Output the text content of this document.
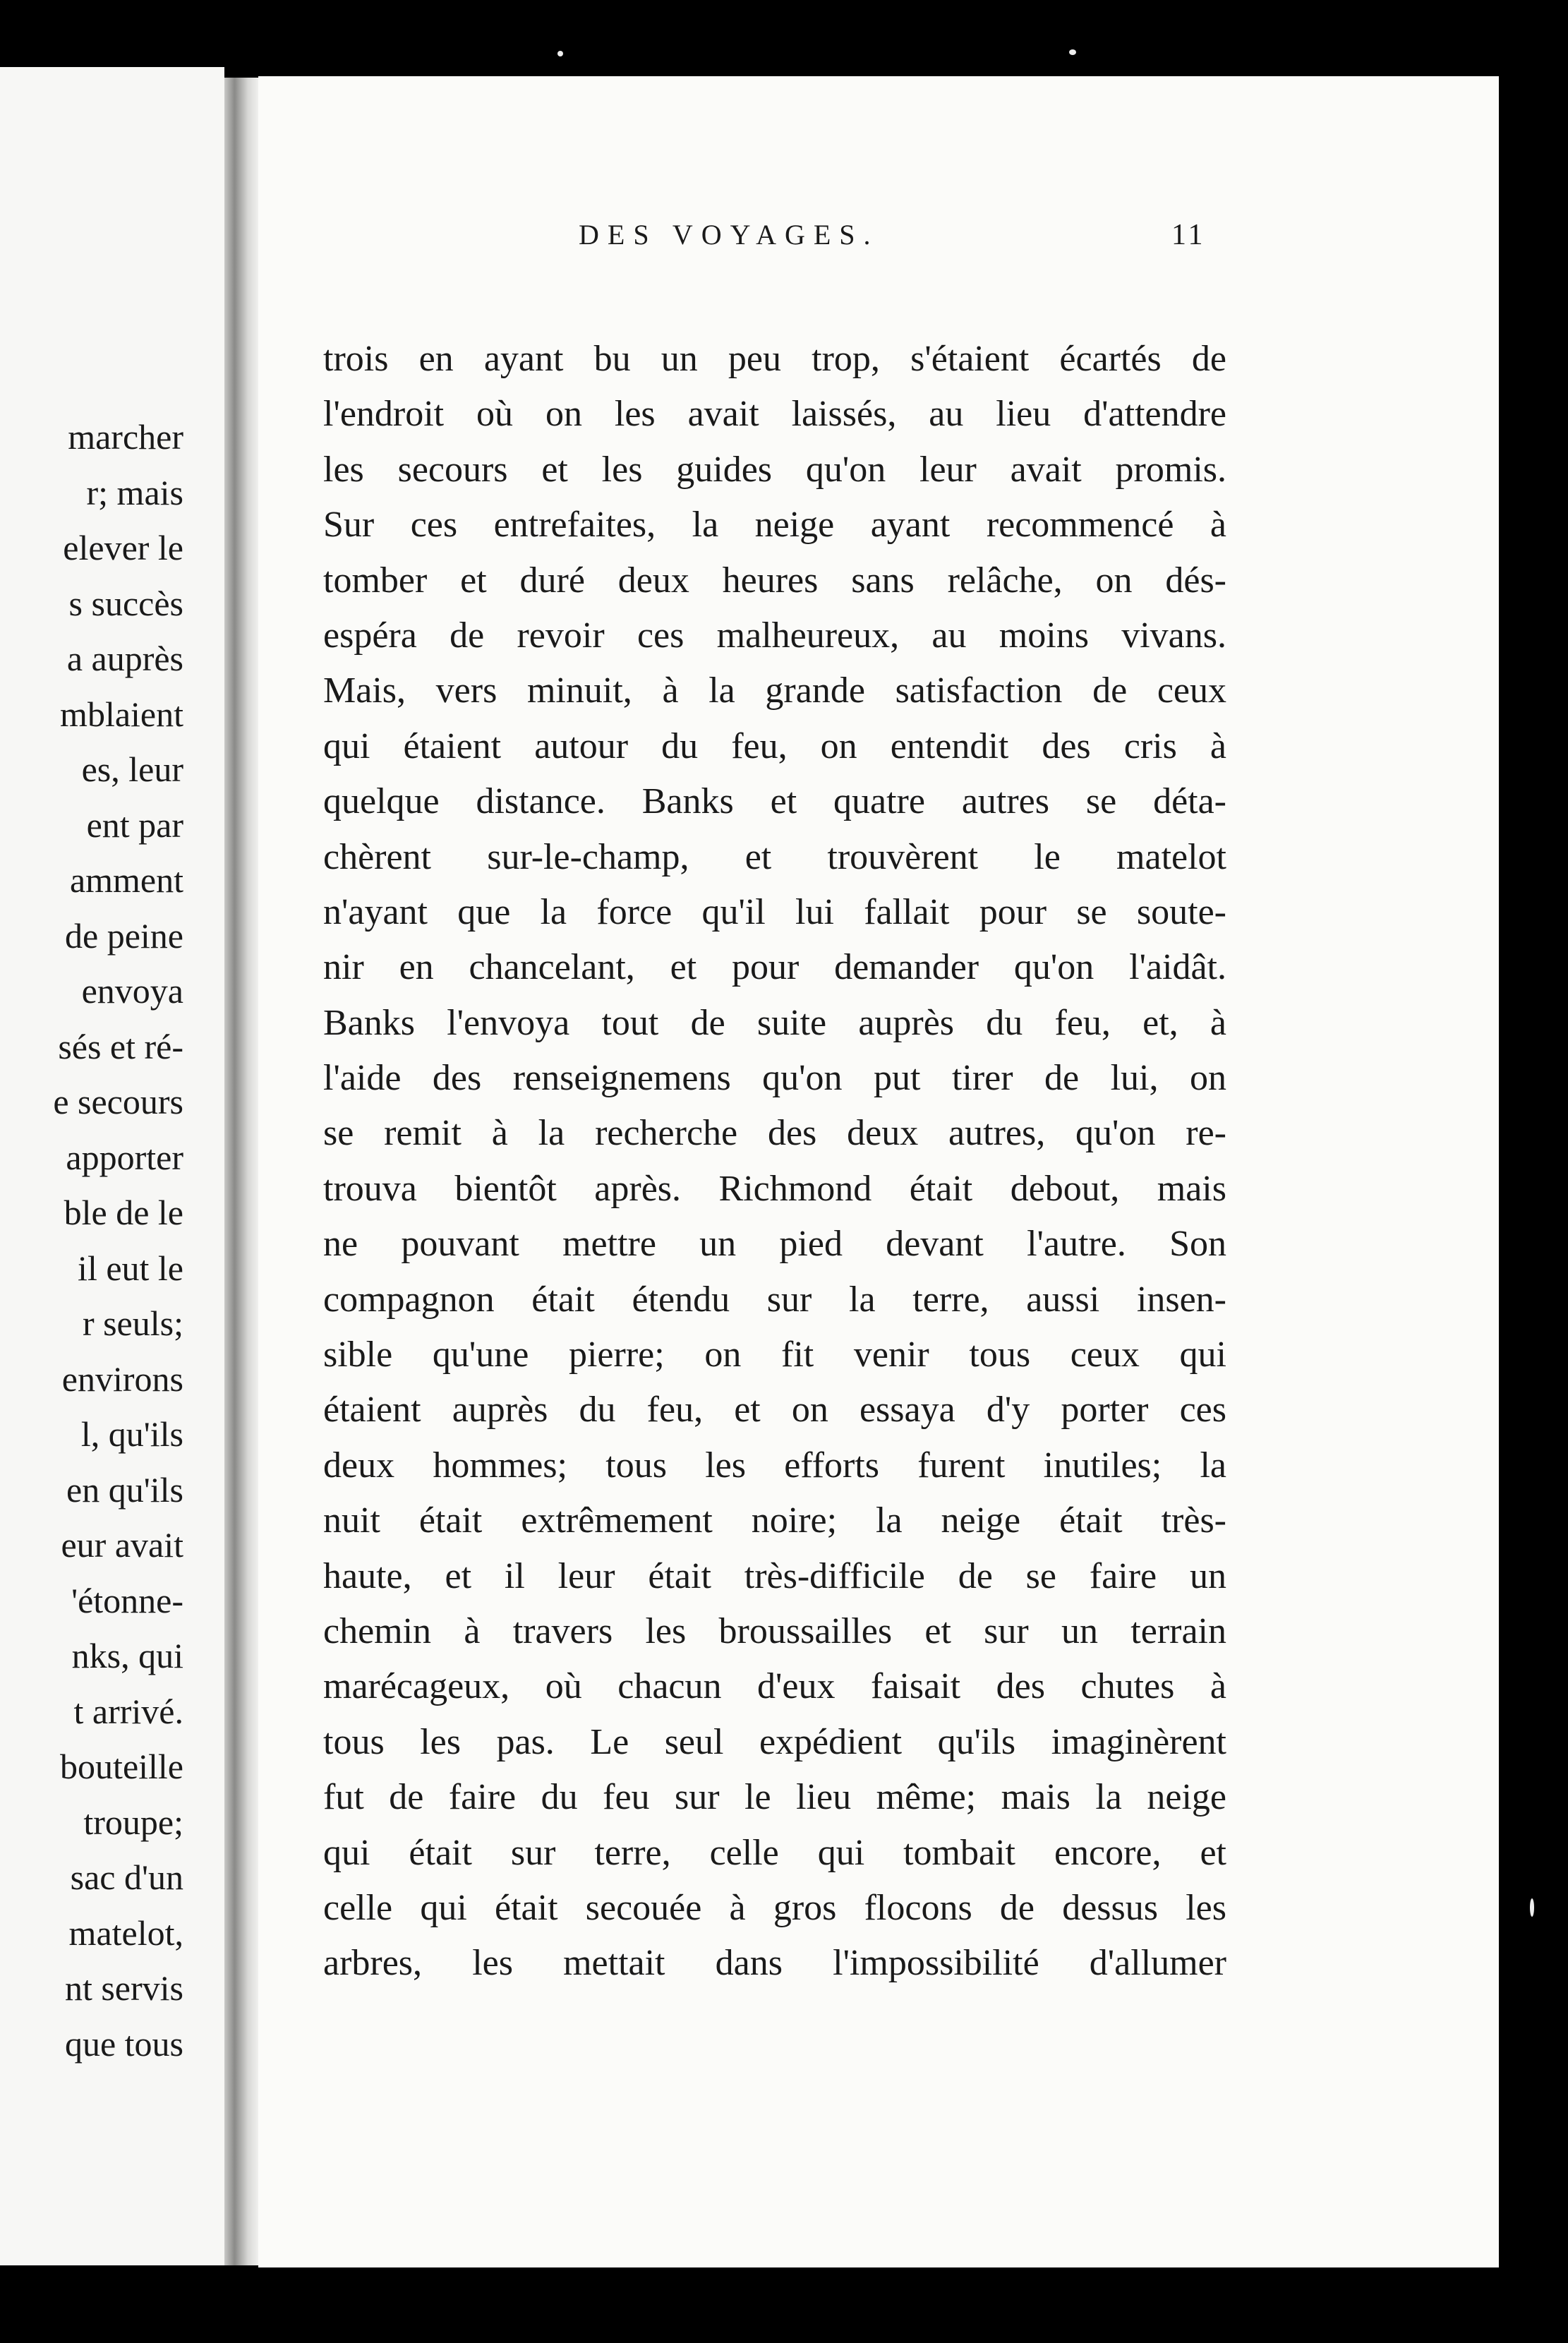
marcher
r; mais
elever le
s succès
a auprès
mblaient
es, leur
ent par
amment
de peine
envoya
sés et ré-
e secours
apporter
ble de le
il eut le
r seuls;
environs
l, qu'ils
en qu'ils
eur avait
'étonne-
nks, qui
t arrivé.
bouteille
troupe;
sac d'un
matelot,
nt servis
que tous
DES VOYAGES.	11
trois en ayant bu un peu trop, s'étaient écartés de
l'endroit où on les avait laissés, au lieu d'attendre
les secours et les guides qu'on leur avait promis.
Sur ces entrefaites, la neige ayant recommencé à
tomber et duré deux heures sans relâche, on dés-
espéra de revoir ces malheureux, au moins vivans.
Mais, vers minuit, à la grande satisfaction de ceux
qui étaient autour du feu, on entendit des cris à
quelque distance. Banks et quatre autres se déta-
chèrent sur-le-champ, et trouvèrent le matelot
n'ayant que la force qu'il lui fallait pour se soute-
nir en chancelant, et pour demander qu'on l'aidât.
Banks l'envoya tout de suite auprès du feu, et, à
l'aide des renseignemens qu'on put tirer de lui, on
se remit à la recherche des deux autres, qu'on re-
trouva bientôt après. Richmond était debout, mais
ne pouvant mettre un pied devant l'autre. Son
compagnon était étendu sur la terre, aussi insen-
sible qu'une pierre; on fit venir tous ceux qui
étaient auprès du feu, et on essaya d'y porter ces
deux hommes; tous les efforts furent inutiles; la
nuit était extrêmement noire; la neige était très-
haute, et il leur était très-difficile de se faire un
chemin à travers les broussailles et sur un terrain
marécageux, où chacun d'eux faisait des chutes à
tous les pas. Le seul expédient qu'ils imaginèrent
fut de faire du feu sur le lieu même; mais la neige
qui était sur terre, celle qui tombait encore, et
celle qui était secouée à gros flocons de dessus les
arbres, les mettait dans l'impossibilité d'allumer
